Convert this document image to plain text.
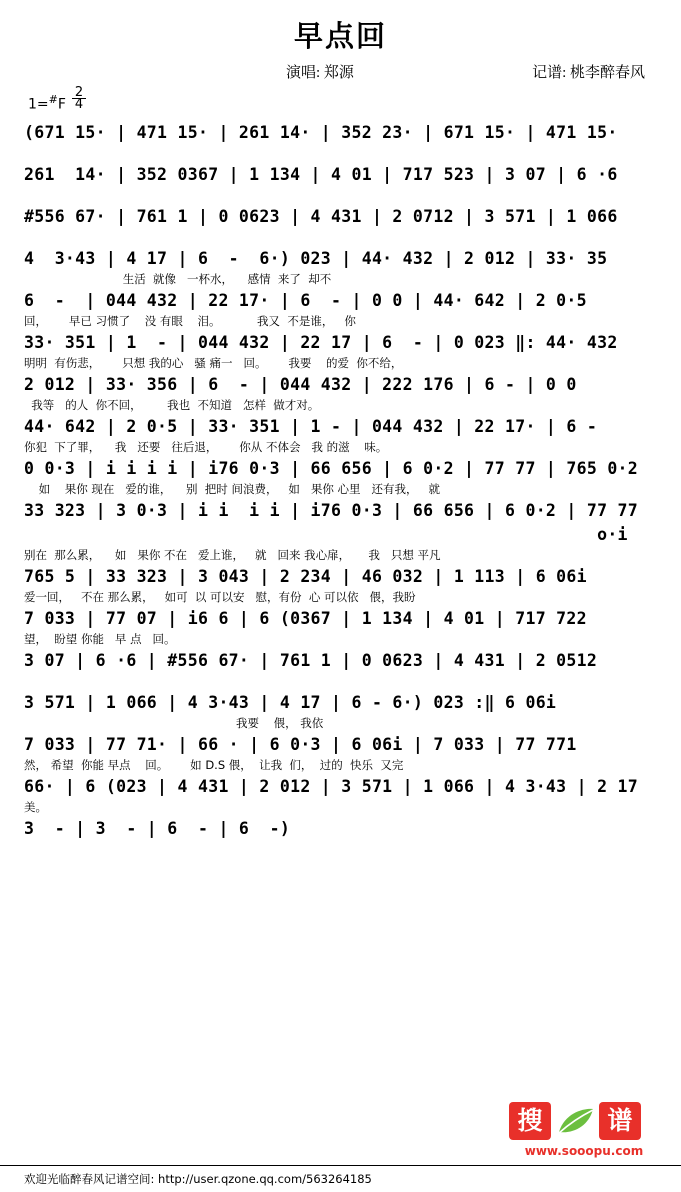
早点回
演唱: 郑源	记谱: 桃李醉春风
$1=^{\#}F \frac{2}{4}$
(671 15· | 471 15· | 261 14· | 352 23· | 671 15· | 471 15·
261  14· | 352 0367 | 1 134 | 4 01 | 717 523 | 3 07 | 6 ·6
#556 67· | 761 1 | 0 0623 | 4 431 | 2 0712 | 3 571 | 1 066
4  3·43 | 4 17 | 6  -  6·) 023 | 44· 432 | 2 012 | 33· 35
生活  就像   一杯水，    感情  来了  却不
6  -  | 044 432 | 22 17· | 6  - | 0 0 | 44· 642 | 2 0·5
回，      早已 习惯了    没 有眼    泪。          我又  不是谁，   你
33· 351 | 1  - | 044 432 | 22 17 | 6  - | 0 023 ‖: 44· 432
明明  有伤悲，      只想 我的心   骚 痛一   回。      我要    的爱  你不给，
2 012 | 33· 356 | 6  - | 044 432 | 222 176 | 6 - | 0 0
我等   的人  你不回，       我也  不知道   怎样  做才对。
44· 642 | 2 0·5 | 33· 351 | 1 - | 044 432 | 22 17· | 6 -
你犯  下了罪，    我   还要   往后退，      你从 不体会   我 的滋    味。
0 0·3 | i i i i | i76 0·3 | 66 656 | 6 0·2 | 77 77 | 765 0·2
如    果你 现在   爱的谁，    别  把时 间浪费，   如   果你 心里   还有我，   就
33 323 | 3 0·3 | i i  i i | i76 0·3 | 66 656 | 6 0·2 | 77 77
o·i
别在  那么累，    如   果你 不在   爱上谁，   就   回来 我心扉，     我   只想 平凡
765 5 | 33 323 | 3 043 | 2 234 | 46 032 | 1 113 | 6 06i
爱一回，   不在 那么累，   如可  以 可以安   慰，有份  心 可以依   偎，我盼
7 033 | 77 07 | i6 6 | 6 (0367 | 1 134 | 4 01 | 717 722
望，  盼望 你能   早 点   回。
3 07 | 6 ·6 | #556 67· | 761 1 | 0 0623 | 4 431 | 2 0512
3 571 | 1 066 | 4 3·43 | 4 17 | 6 - 6·) 023 :‖ 6 06i
我要    偎， 我依
7 033 | 77 71· | 66 · | 6 0·3 | 6 06i | 7 033 | 77 771
然， 希望  你能 早点    回。      如 D.S 偎，  让我  们，  过的  快乐  又完
66· | 6 (023 | 4 431 | 2 012 | 3 571 | 1 066 | 4 3·43 | 2 17
美。
3  - | 3  - | 6  - | 6  -)
搜	谱
www.sooopu.com
欢迎光临醉春风记谱空间: http://user.qzone.qq.com/563264185
